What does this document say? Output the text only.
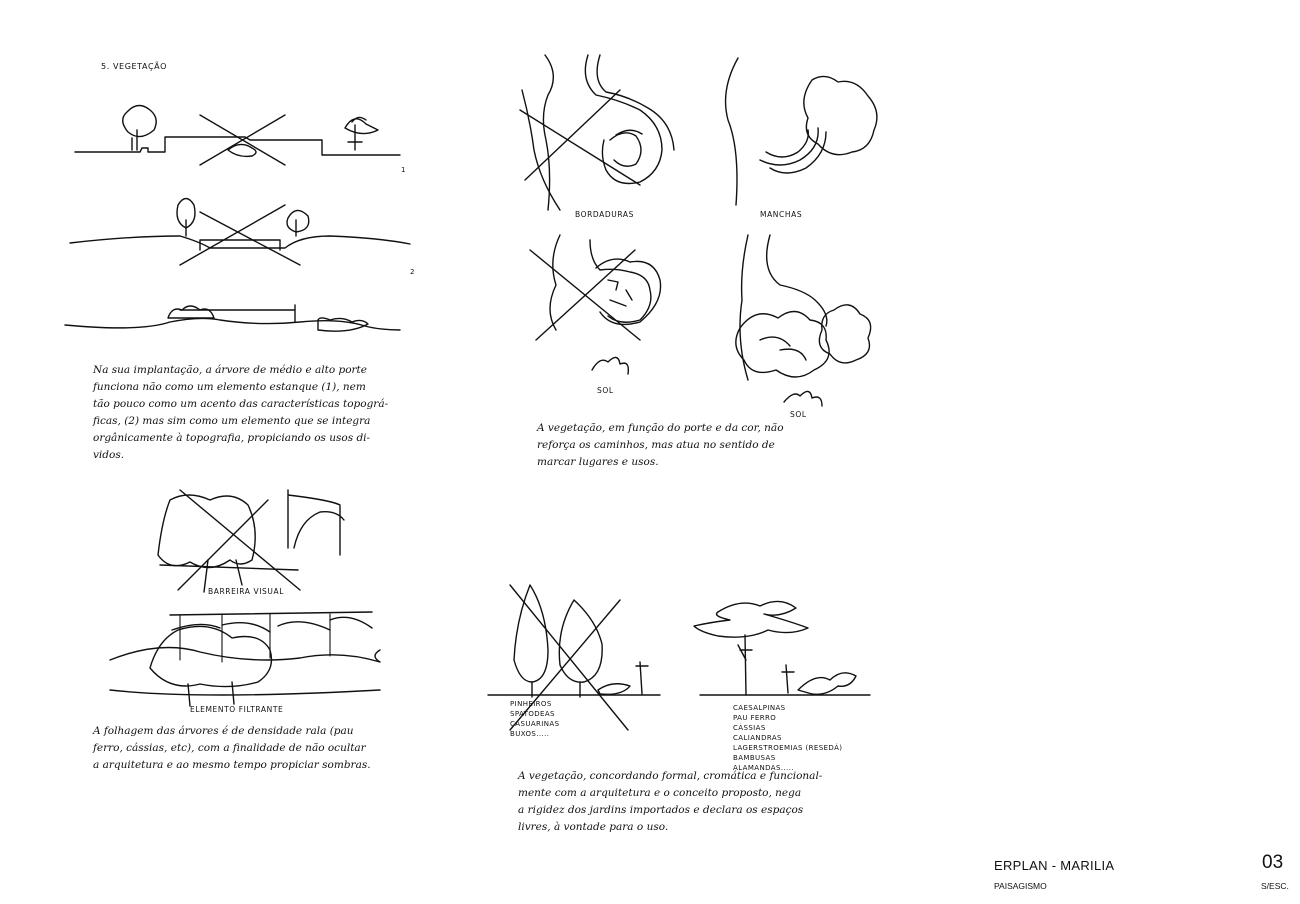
5. VEGETAÇÃO
1
2
BORDADURAS	MANCHAS
SOL
SOL
BARREIRA VISUAL
ELEMENTO FILTRANTE
Na sua implantação, a árvore de médio e alto porte
funciona não como um elemento estanque (1), nem
tão pouco como um acento das características topográ-
ficas, (2) mas sim como um elemento que se integra
orgânicamente à topografia, propiciando os usos di-
vidos.
A vegetação, em função do porte e da cor, não
reforça os caminhos, mas atua no sentido de
marcar lugares e usos.
A folhagem das árvores é de densidade rala (pau
ferro, cássias, etc), com a finalidade de não ocultar
a arquitetura e ao mesmo tempo propiciar sombras.
PINHEIROS
SPATODEAS
CASUARINAS
BUXOS.....
CAESALPINAS
PAU FERRO
CÁSSIAS
CALIANDRAS
LAGERSTROEMIAS (RESEDÁ)
BAMBUSAS
ALAMANDAS.....
A vegetação, concordando formal, cromática e funcional-
mente com a arquitetura e o conceito proposto, nega
a rigidez dos jardins importados e declara os espaços
livres, à vontade para o uso.
ERPLAN - MARILIA
PAISAGISMO
03
S/ESC.
